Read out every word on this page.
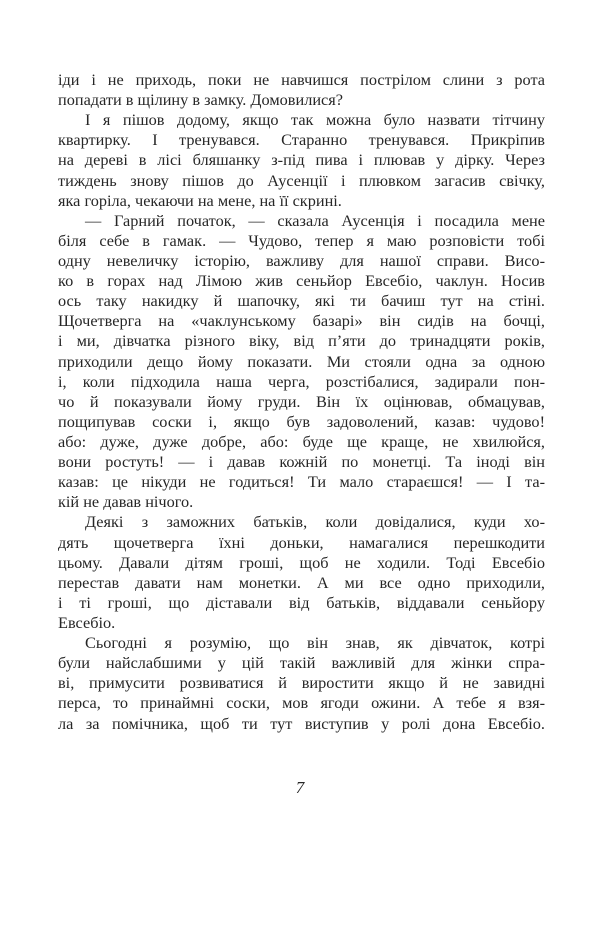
іди і не приходь, поки не навчишся пострілом слини з рота
попадати в щілину в замку. Домовилися?
І я пішов додому, якщо так можна було назвати тітчину
квартирку. І тренувався. Старанно тренувався. Прикріпив
на дереві в лісі бляшанку з-під пива і плював у дірку. Через
тиждень знову пішов до Аусенції і плювком загасив свічку,
яка горіла, чекаючи на мене, на її скрині.
— Гарний початок, — сказала Аусенція і посадила мене
біля себе в гамак. — Чудово, тепер я маю розповісти тобі
одну невеличку історію, важливу для нашої справи. Висо-
ко в горах над Лімою жив сеньйор Евсебіо, чаклун. Носив
ось таку накидку й шапочку, які ти бачиш тут на стіні.
Щочетверга на «чаклунському базарі» він сидів на бочці,
і ми, дівчатка різного віку, від п’яти до тринадцяти років,
приходили дещо йому показати. Ми стояли одна за одною
і, коли підходила наша черга, розстібалися, задирали пон-
чо й показували йому груди. Він їх оцінював, обмацував,
пощипував соски і, якщо був задоволений, казав: чудово!
або: дуже, дуже добре, або: буде ще краще, не хвилюйся,
вони ростуть! — і давав кожній по монетці. Та іноді він
казав: це нікуди не годиться! Ти мало стараєшся! — І та-
кій не давав нічого.
Деякі з заможних батьків, коли довідалися, куди хо-
дять щочетверга їхні доньки, намагалися перешкодити
цьому. Давали дітям гроші, щоб не ходили. Тоді Евсебіо
перестав давати нам монетки. А ми все одно приходили,
і ті гроші, що діставали від батьків, віддавали сеньйору
Евсебіо.
Сьогодні я розумію, що він знав, як дівчаток, котрі
були найслабшими у цій такій важливій для жінки спра-
ві, примусити розвиватися й виростити якщо й не завидні
перса, то принаймні соски, мов ягоди ожини. А тебе я взя-
ла за помічника, щоб ти тут виступив у ролі дона Евсебіо.
7
